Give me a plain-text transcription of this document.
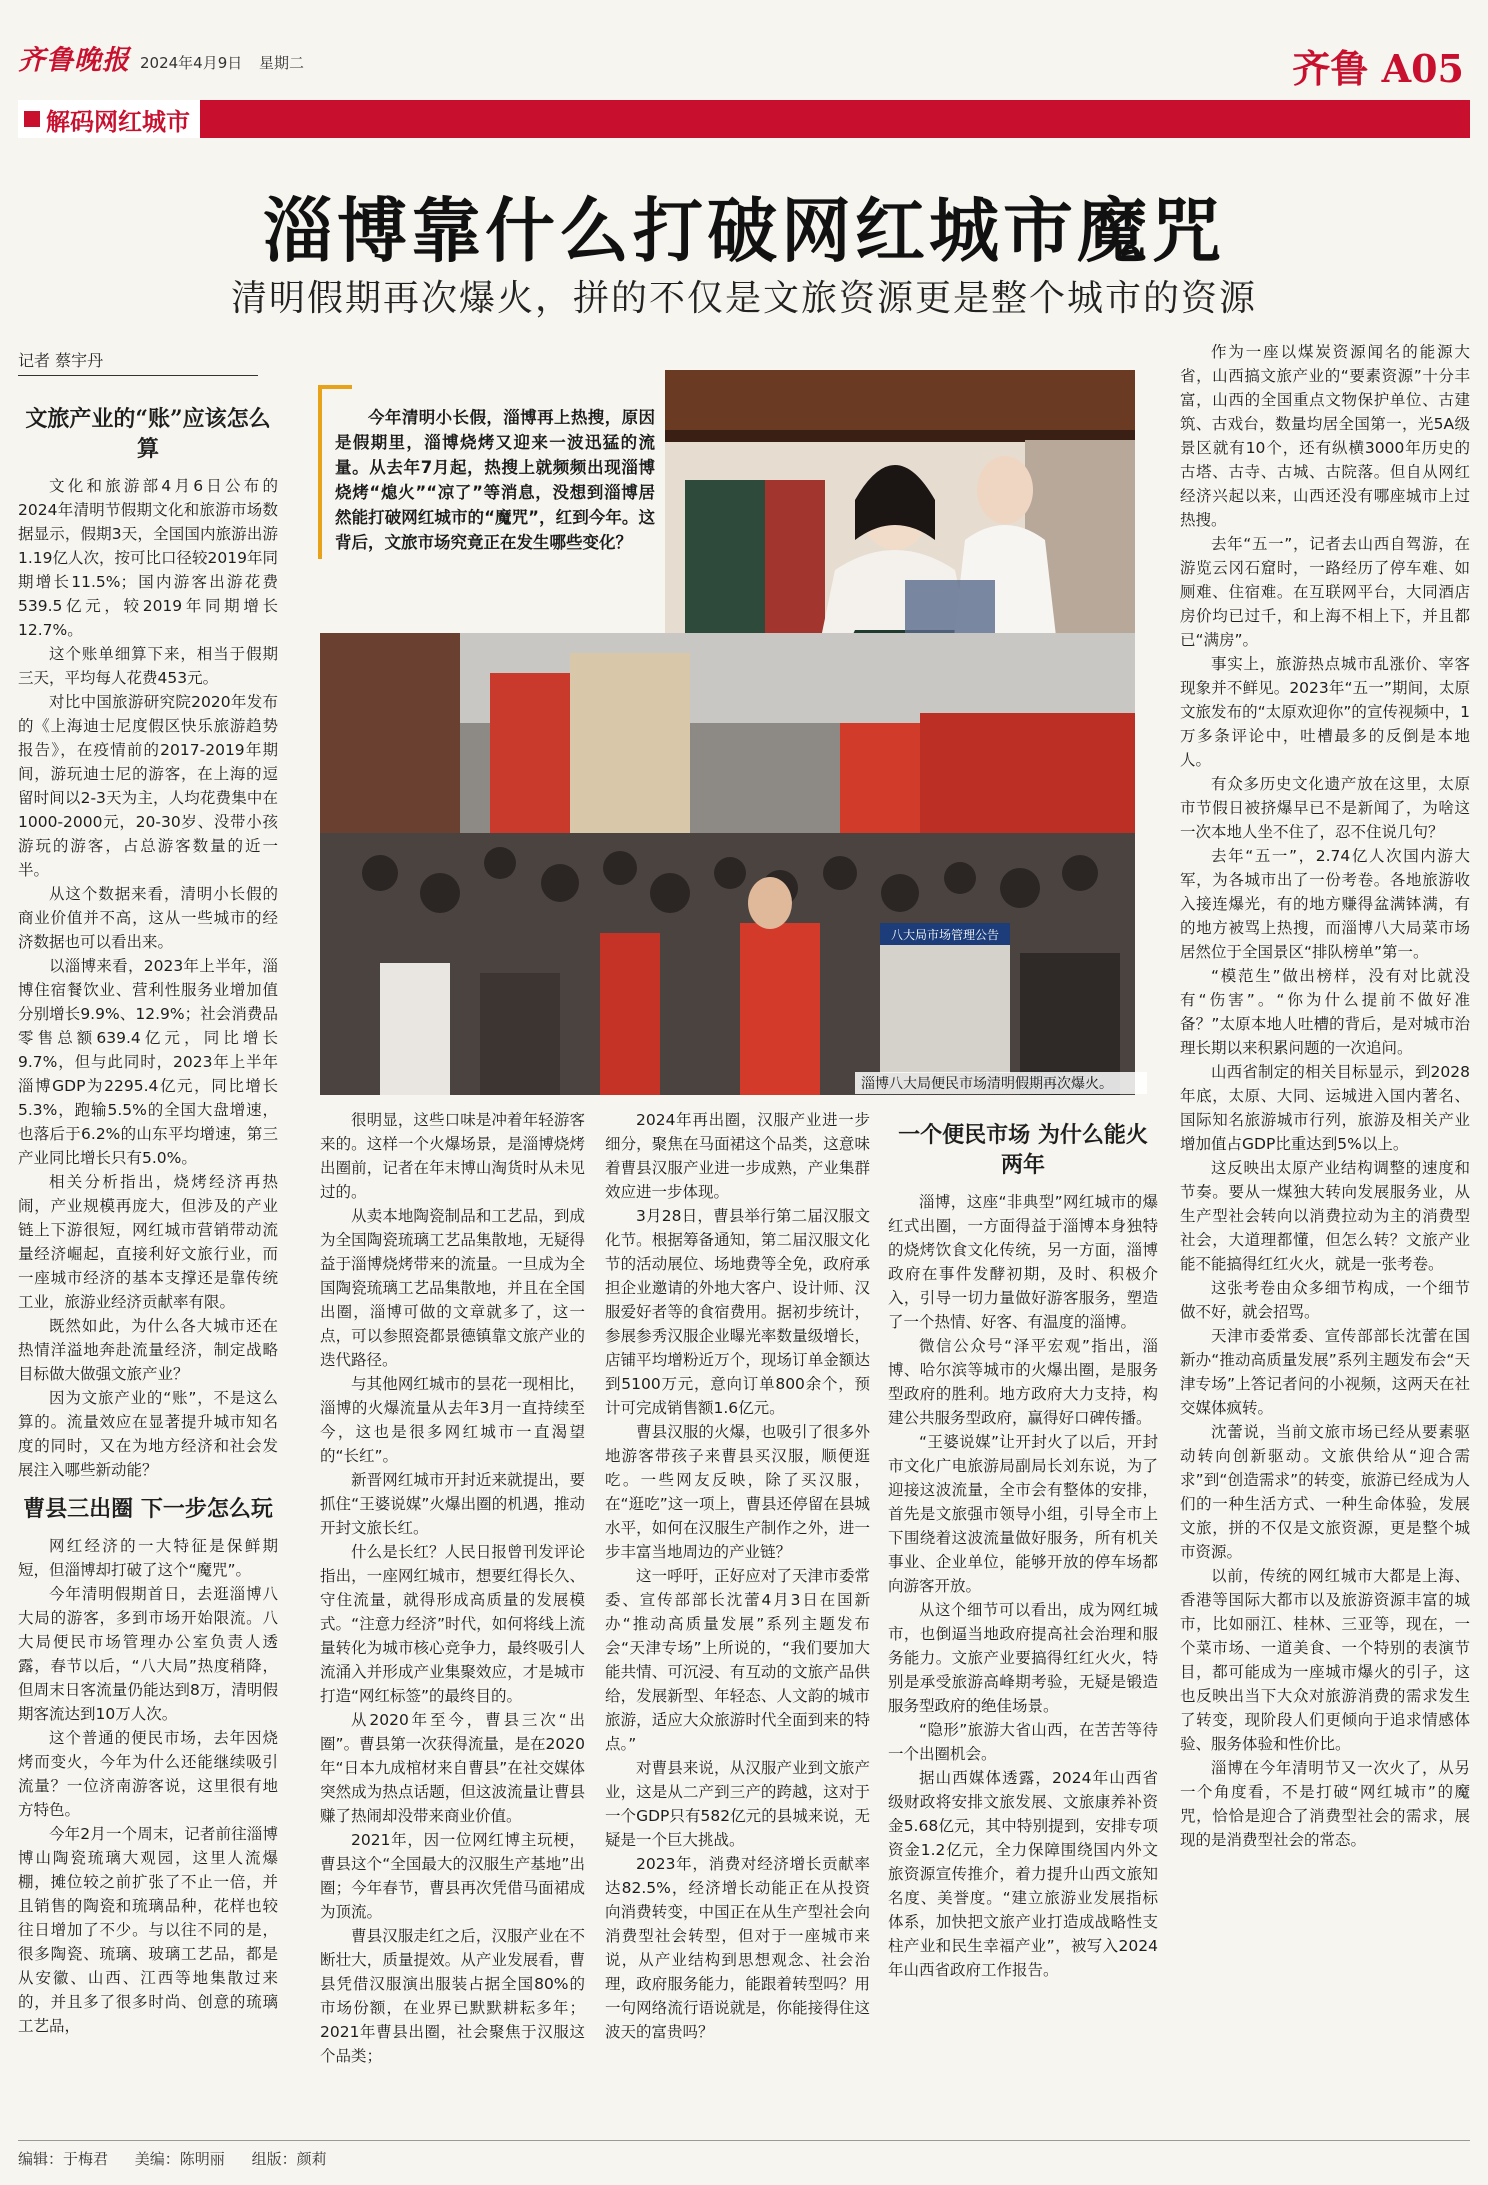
齐鲁晚报 2024年4月9日 星期二	齐鲁 A05
解码网红城市
淄博靠什么打破网红城市魔咒
清明假期再次爆火，拼的不仅是文旅资源更是整个城市的资源
记者 蔡宇丹
文旅产业的“账”应该怎么算

文化和旅游部4月6日公布的2024年清明节假期文化和旅游市场数据显示，假期3天，全国国内旅游出游1.19亿人次，按可比口径较2019年同期增长11.5%；国内游客出游花费539.5亿元，较2019年同期增长12.7%。

这个账单细算下来，相当于假期三天，平均每人花费453元。

对比中国旅游研究院2020年发布的《上海迪士尼度假区快乐旅游趋势报告》，在疫情前的2017-2019年期间，游玩迪士尼的游客，在上海的逗留时间以2-3天为主，人均花费集中在1000-2000元，20-30岁、没带小孩游玩的游客，占总游客数量的近一半。

从这个数据来看，清明小长假的商业价值并不高，这从一些城市的经济数据也可以看出来。

以淄博来看，2023年上半年，淄博住宿餐饮业、营利性服务业增加值分别增长9.9%、12.9%；社会消费品零售总额639.4亿元，同比增长9.7%，但与此同时，2023年上半年淄博GDP为2295.4亿元，同比增长5.3%，跑输5.5%的全国大盘增速，也落后于6.2%的山东平均增速，第三产业同比增长只有5.0%。

相关分析指出，烧烤经济再热闹，产业规模再庞大，但涉及的产业链上下游很短，网红城市营销带动流量经济崛起，直接利好文旅行业，而一座城市经济的基本支撑还是靠传统工业，旅游业经济贡献率有限。

既然如此，为什么各大城市还在热情洋溢地奔赴流量经济，制定战略目标做大做强文旅产业？

因为文旅产业的“账”，不是这么算的。流量效应在显著提升城市知名度的同时，又在为地方经济和社会发展注入哪些新动能？

曹县三出圈 下一步怎么玩

网红经济的一大特征是保鲜期短，但淄博却打破了这个“魔咒”。

今年清明假期首日，去逛淄博八大局的游客，多到市场开始限流。八大局便民市场管理办公室负责人透露，春节以后，“八大局”热度稍降，但周末日客流量仍能达到8万，清明假期客流达到10万人次。

这个普通的便民市场，去年因烧烤而变火，今年为什么还能继续吸引流量？一位济南游客说，这里很有地方特色。

今年2月一个周末，记者前往淄博博山陶瓷琉璃大观园，这里人流爆棚，摊位较之前扩张了不止一倍，并且销售的陶瓷和琉璃品种，花样也较往日增加了不少。与以往不同的是，很多陶瓷、琉璃、玻璃工艺品，都是从安徽、山西、江西等地集散过来的，并且多了很多时尚、创意的琉璃工艺品，

今年清明小长假，淄博再上热搜，原因是假期里，淄博烧烤又迎来一波迅猛的流量。从去年7月起，热搜上就频频出现淄博烧烤“熄火”“凉了”等消息，没想到淄博居然能打破网红城市的“魔咒”，红到今年。这背后，文旅市场究竟正在发生哪些变化？

八大局市场管理公告
淄博八大局便民市场清明假期再次爆火。

很明显，这些口味是冲着年轻游客来的。这样一个火爆场景，是淄博烧烤出圈前，记者在年末博山淘货时从未见过的。

从卖本地陶瓷制品和工艺品，到成为全国陶瓷琉璃工艺品集散地，无疑得益于淄博烧烤带来的流量。一旦成为全国陶瓷琉璃工艺品集散地，并且在全国出圈，淄博可做的文章就多了，这一点，可以参照瓷都景德镇靠文旅产业的迭代路径。

与其他网红城市的昙花一现相比，淄博的火爆流量从去年3月一直持续至今，这也是很多网红城市一直渴望的“长红”。

新晋网红城市开封近来就提出，要抓住“王婆说媒”火爆出圈的机遇，推动开封文旅长红。

什么是长红？人民日报曾刊发评论指出，一座网红城市，想要红得长久、守住流量，就得形成高质量的发展模式。“注意力经济”时代，如何将线上流量转化为城市核心竞争力，最终吸引人流涌入并形成产业集聚效应，才是城市打造“网红标签”的最终目的。

从2020年至今，曹县三次“出圈”。曹县第一次获得流量，是在2020年“日本九成棺材来自曹县”在社交媒体突然成为热点话题，但这波流量让曹县赚了热闹却没带来商业价值。

2021年，因一位网红博主玩梗，曹县这个“全国最大的汉服生产基地”出圈；今年春节，曹县再次凭借马面裙成为顶流。

曹县汉服走红之后，汉服产业在不断壮大，质量提效。从产业发展看，曹县凭借汉服演出服装占据全国80%的市场份额，在业界已默默耕耘多年；2021年曹县出圈，社会聚焦于汉服这个品类；

2024年再出圈，汉服产业进一步细分，聚焦在马面裙这个品类，这意味着曹县汉服产业进一步成熟，产业集群效应进一步体现。

3月28日，曹县举行第二届汉服文化节。根据筹备通知，第二届汉服文化节的活动展位、场地费等全免，政府承担企业邀请的外地大客户、设计师、汉服爱好者等的食宿费用。据初步统计，参展参秀汉服企业曝光率数量级增长，店铺平均增粉近万个，现场订单金额达到5100万元，意向订单800余个，预计可完成销售额1.6亿元。

曹县汉服的火爆，也吸引了很多外地游客带孩子来曹县买汉服，顺便逛吃。一些网友反映，除了买汉服，在“逛吃”这一项上，曹县还停留在县城水平，如何在汉服生产制作之外，进一步丰富当地周边的产业链？

这一呼吁，正好应对了天津市委常委、宣传部部长沈蕾4月3日在国新办“推动高质量发展”系列主题发布会“天津专场”上所说的，“我们要加大能共情、可沉浸、有互动的文旅产品供给，发展新型、年轻态、人文韵的城市旅游，适应大众旅游时代全面到来的特点。”

对曹县来说，从汉服产业到文旅产业，这是从二产到三产的跨越，这对于一个GDP只有582亿元的县城来说，无疑是一个巨大挑战。

2023年，消费对经济增长贡献率达82.5%，经济增长动能正在从投资向消费转变，中国正在从生产型社会向消费型社会转型，但对于一座城市来说，从产业结构到思想观念、社会治理，政府服务能力，能跟着转型吗？用一句网络流行语说就是，你能接得住这波天的富贵吗？

一个便民市场 为什么能火两年

淄博，这座“非典型”网红城市的爆红式出圈，一方面得益于淄博本身独特的烧烤饮食文化传统，另一方面，淄博政府在事件发酵初期，及时、积极介入，引导一切力量做好游客服务，塑造了一个热情、好客、有温度的淄博。

微信公众号“泽平宏观”指出，淄博、哈尔滨等城市的火爆出圈，是服务型政府的胜利。地方政府大力支持，构建公共服务型政府，赢得好口碑传播。

“王婆说媒”让开封火了以后，开封市文化广电旅游局副局长刘东说，为了迎接这波流量，全市会有整体的安排，首先是文旅强市领导小组，引导全市上下围绕着这波流量做好服务，所有机关事业、企业单位，能够开放的停车场都向游客开放。

从这个细节可以看出，成为网红城市，也倒逼当地政府提高社会治理和服务能力。文旅产业要搞得红红火火，特别是承受旅游高峰期考验，无疑是锻造服务型政府的绝佳场景。

“隐形”旅游大省山西，在苦苦等待一个出圈机会。

据山西媒体透露，2024年山西省级财政将安排文旅发展、文旅康养补资金5.68亿元，其中特别提到，安排专项资金1.2亿元，全力保障围绕国内外文旅资源宣传推介，着力提升山西文旅知名度、美誉度。“建立旅游业发展指标体系，加快把文旅产业打造成战略性支柱产业和民生幸福产业”，被写入2024年山西省政府工作报告。

作为一座以煤炭资源闻名的能源大省，山西搞文旅产业的“要素资源”十分丰富，山西的全国重点文物保护单位、古建筑、古戏台，数量均居全国第一，光5A级景区就有10个，还有纵横3000年历史的古塔、古寺、古城、古院落。但自从网红经济兴起以来，山西还没有哪座城市上过热搜。

去年“五一”，记者去山西自驾游，在游览云冈石窟时，一路经历了停车难、如厕难、住宿难。在互联网平台，大同酒店房价均已过千，和上海不相上下，并且都已“满房”。

事实上，旅游热点城市乱涨价、宰客现象并不鲜见。2023年“五一”期间，太原文旅发布的“太原欢迎你”的宣传视频中，1万多条评论中，吐槽最多的反倒是本地人。

有众多历史文化遗产放在这里，太原市节假日被挤爆早已不是新闻了，为啥这一次本地人坐不住了，忍不住说几句？

去年“五一”，2.74亿人次国内游大军，为各城市出了一份考卷。各地旅游收入接连爆光，有的地方赚得盆满钵满，有的地方被骂上热搜，而淄博八大局菜市场居然位于全国景区“排队榜单”第一。

“模范生”做出榜样，没有对比就没有“伤害”。“你为什么提前不做好准备？”太原本地人吐槽的背后，是对城市治理长期以来积累问题的一次追问。

山西省制定的相关目标显示，到2028年底，太原、大同、运城进入国内著名、国际知名旅游城市行列，旅游及相关产业增加值占GDP比重达到5%以上。

这反映出太原产业结构调整的速度和节奏。要从一煤独大转向发展服务业，从生产型社会转向以消费拉动为主的消费型社会，大道理都懂，但怎么转？文旅产业能不能搞得红红火火，就是一张考卷。

这张考卷由众多细节构成，一个细节做不好，就会招骂。

天津市委常委、宣传部部长沈蕾在国新办“推动高质量发展”系列主题发布会“天津专场”上答记者问的小视频，这两天在社交媒体疯转。

沈蕾说，当前文旅市场已经从要素驱动转向创新驱动。文旅供给从“迎合需求”到“创造需求”的转变，旅游已经成为人们的一种生活方式、一种生命体验，发展文旅，拼的不仅是文旅资源，更是整个城市资源。

以前，传统的网红城市大都是上海、香港等国际大都市以及旅游资源丰富的城市，比如丽江、桂林、三亚等，现在，一个菜市场、一道美食、一个特别的表演节目，都可能成为一座城市爆火的引子，这也反映出当下大众对旅游消费的需求发生了转变，现阶段人们更倾向于追求情感体验、服务体验和性价比。

淄博在今年清明节又一次火了，从另一个角度看，不是打破“网红城市”的魔咒，恰恰是迎合了消费型社会的需求，展现的是消费型社会的常态。

编辑：于梅君 美编：陈明丽 组版：颜莉
